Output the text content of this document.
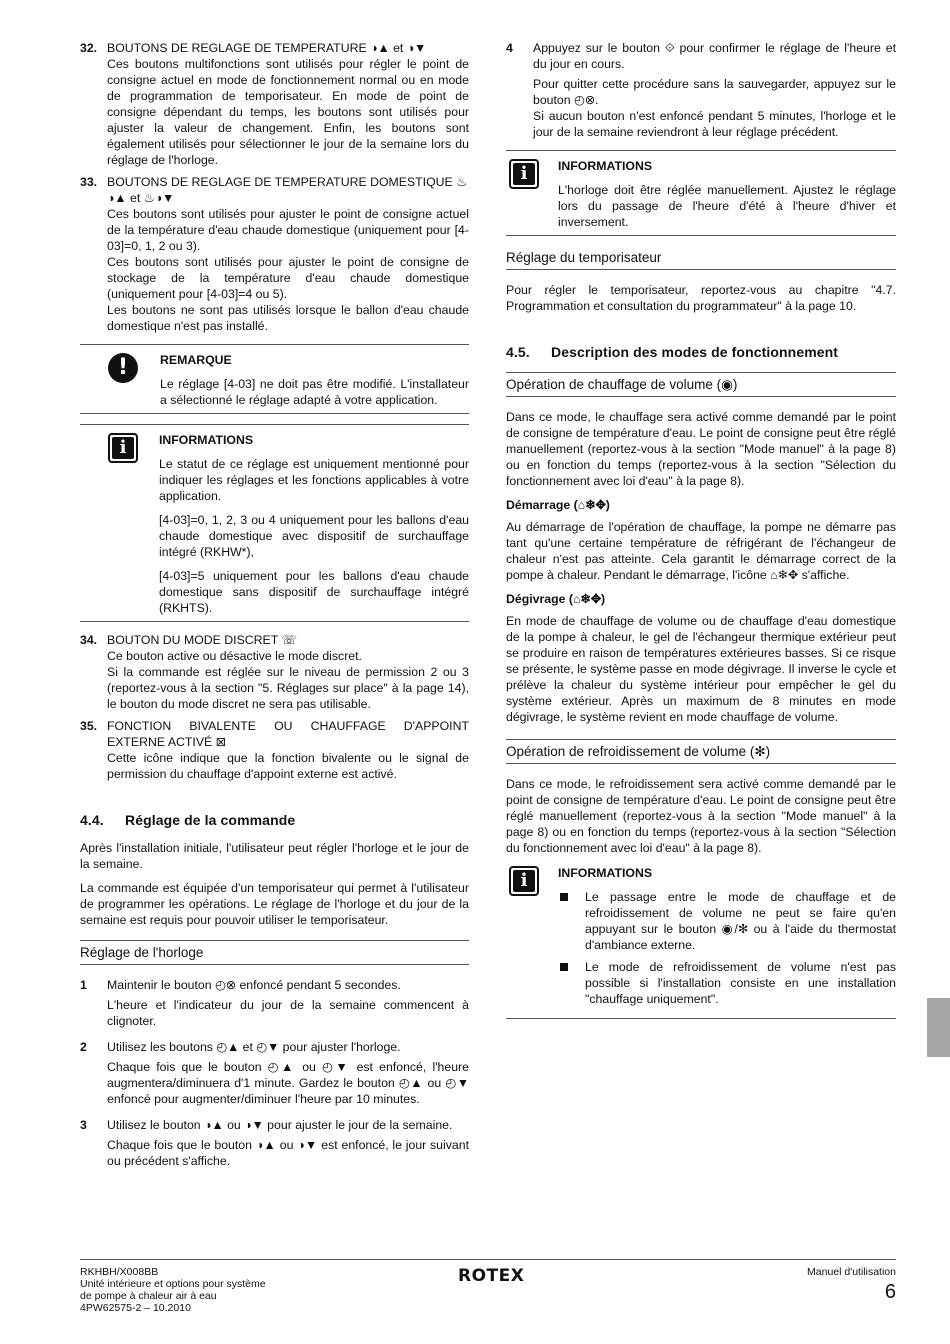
32. BOUTONS DE REGLAGE DE TEMPERATURE ◑▲ et ◑▼

Ces boutons multifonctions sont utilisés pour régler le point de consigne actuel en mode de fonctionnement normal ou en mode de programmation de temporisateur. En mode de point de consigne dépendant du temps, les boutons sont utilisés pour ajuster la valeur de changement. Enfin, les boutons sont également utilisés pour sélectionner le jour de la semaine lors du réglage de l'horloge.

33. BOUTONS DE REGLAGE DE TEMPERATURE DOMESTIQUE ♨◑▲ et ♨◑▼

Ces boutons sont utilisés pour ajuster le point de consigne actuel de la température d'eau chaude domestique (uniquement pour [4-03]=0, 1, 2 ou 3).

Ces boutons sont utilisés pour ajuster le point de consigne de stockage de la température d'eau chaude domestique (uniquement pour [4-03]=4 ou 5).

Les boutons ne sont pas utilisés lorsque le ballon d'eau chaude domestique n'est pas installé.

!	REMARQUE

Le réglage [4-03] ne doit pas être modifié. L'installateur a sélectionné le réglage adapté à votre application.

i	INFORMATIONS

Le statut de ce réglage est uniquement mentionné pour indiquer les réglages et les fonctions applicables à votre application.

[4-03]=0, 1, 2, 3 ou 4 uniquement pour les ballons d'eau chaude domestique avec dispositif de surchauffage intégré (RKHW*),

[4-03]=5 uniquement pour les ballons d'eau chaude domestique sans dispositif de surchauffage intégré (RKHTS).

34. BOUTON DU MODE DISCRET ☏

Ce bouton active ou désactive le mode discret.

Si la commande est réglée sur le niveau de permission 2 ou 3 (reportez-vous à la section "5. Réglages sur place" à la page 14), le bouton du mode discret ne sera pas utilisable.

35. FONCTION BIVALENTE OU CHAUFFAGE D'APPOINT EXTERNE ACTIVÉ ⊠

Cette icône indique que la fonction bivalente ou le signal de permission du chauffage d'appoint externe est activé.

4.4. Réglage de la commande

Après l'installation initiale, l'utilisateur peut régler l'horloge et le jour de la semaine.

La commande est équipée d'un temporisateur qui permet à l'utilisateur de programmer les opérations. Le réglage de l'horloge et du jour de la semaine est requis pour pouvoir utiliser le temporisateur.

Réglage de l'horloge
1 Maintenir le bouton ◴⊗ enfoncé pendant 5 secondes.

L'heure et l'indicateur du jour de la semaine commencent à clignoter.

2 Utilisez les boutons ◴▲ et ◴▼ pour ajuster l'horloge.

Chaque fois que le bouton ◴▲ ou ◴▼ est enfoncé, l'heure augmentera/diminuera d'1 minute. Gardez le bouton ◴▲ ou ◴▼ enfoncé pour augmenter/diminuer l'heure par 10 minutes.

3 Utilisez le bouton ◑▲ ou ◑▼ pour ajuster le jour de la semaine.

Chaque fois que le bouton ◑▲ ou ◑▼ est enfoncé, le jour suivant ou précédent s'affiche.

4 Appuyez sur le bouton ⟐ pour confirmer le réglage de l'heure et du jour en cours.

Pour quitter cette procédure sans la sauvegarder, appuyez sur le bouton ◴⊗.

Si aucun bouton n'est enfoncé pendant 5 minutes, l'horloge et le jour de la semaine reviendront à leur réglage précédent.

i	INFORMATIONS

L'horloge doit être réglée manuellement. Ajustez le réglage lors du passage de l'heure d'été à l'heure d'hiver et inversement.

Réglage du temporisateur

Pour régler le temporisateur, reportez-vous au chapitre "4.7. Programmation et consultation du programmateur" à la page 10.

4.5. Description des modes de fonctionnement
Opération de chauffage de volume (◉)

Dans ce mode, le chauffage sera activé comme demandé par le point de consigne de température d'eau. Le point de consigne peut être réglé manuellement (reportez-vous à la section "Mode manuel" à la page 8) ou en fonction du temps (reportez-vous à la section "Sélection du fonctionnement avec loi d'eau" à la page 8).

Démarrage (⌂❄✥)

Au démarrage de l'opération de chauffage, la pompe ne démarre pas tant qu'une certaine température de réfrigérant de l'échangeur de chaleur n'est pas atteinte. Cela garantit le démarrage correct de la pompe à chaleur. Pendant le démarrage, l'icône ⌂❄✥ s'affiche.

Dégivrage (⌂❄✥)

En mode de chauffage de volume ou de chauffage d'eau domestique de la pompe à chaleur, le gel de l'échangeur thermique extérieur peut se produire en raison de températures extérieures basses. Si ce risque se présente, le système passe en mode dégivrage. Il inverse le cycle et prélève la chaleur du système intérieur pour empêcher le gel du système extérieur. Après un maximum de 8 minutes en mode dégivrage, le système revient en mode chauffage de volume.

Opération de refroidissement de volume (✻)

Dans ce mode, le refroidissement sera activé comme demandé par le point de consigne de température d'eau. Le point de consigne peut être réglé manuellement (reportez-vous à la section "Mode manuel" à la page 8) ou en fonction du temps (reportez-vous à la section "Sélection du fonctionnement avec loi d'eau" à la page 8).

i	INFORMATIONS

Le passage entre le mode de chauffage et de refroidissement de volume ne peut se faire qu'en appuyant sur le bouton ◉/✻ ou à l'aide du thermostat d'ambiance externe.

Le mode de refroidissement de volume n'est pas possible si l'installation consiste en une installation "chauffage uniquement".

RKHBH/X008BB
Unité intérieure et options pour système
de pompe à chaleur air à eau
4PW62575-2 – 10.2010
ROTEX	Manuel d'utilisation
6
